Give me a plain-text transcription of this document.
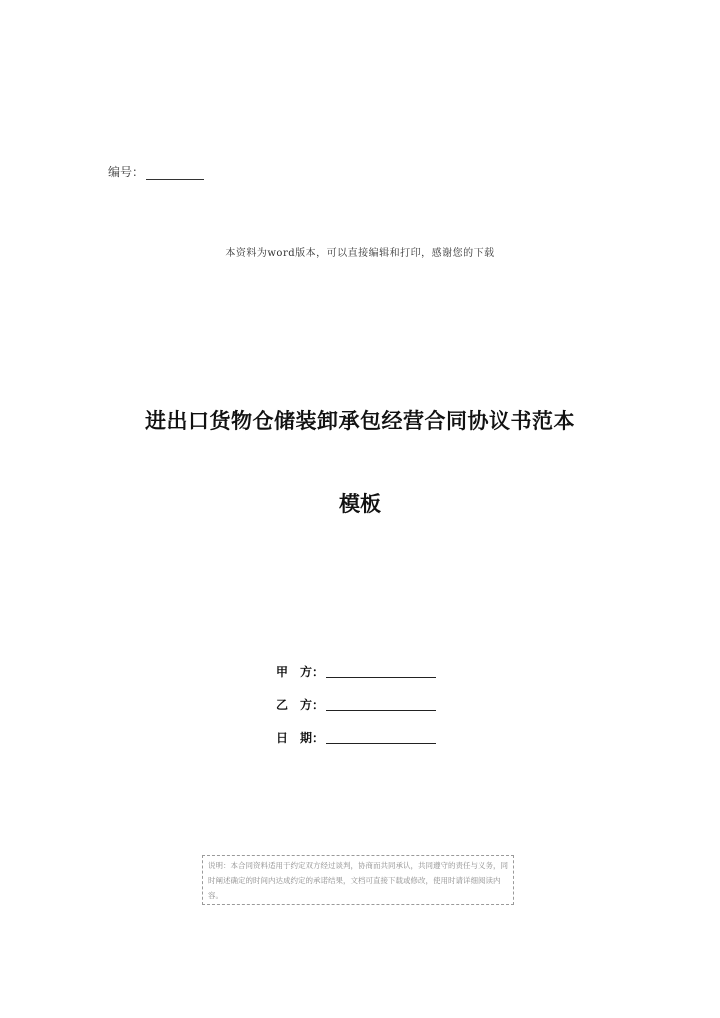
编号：
本资料为word版本，可以直接编辑和打印，感谢您的下载
进出口货物仓储装卸承包经营合同协议书范本
模板
甲　方：
乙　方：
日　期：
说明：本合同资料适用于约定双方经过谈判，协商而共同承认，共同遵守的责任与义务，同时阐述确定的时间内达成约定的承诺结果，文档可直接下载或修改，使用时请详细阅读内容。
